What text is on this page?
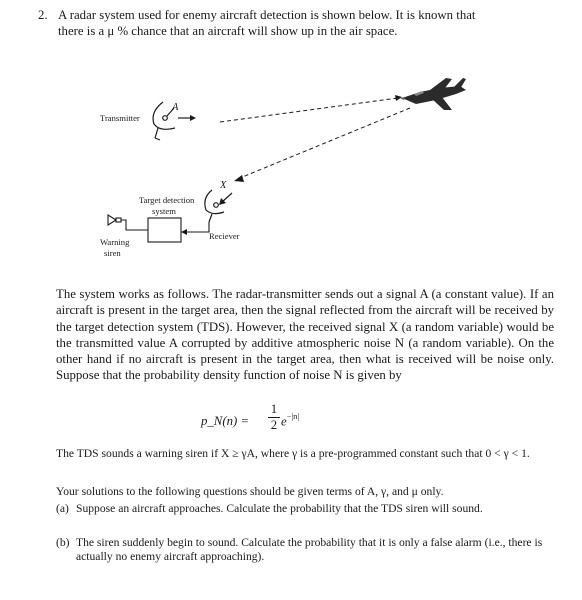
2. A radar system used for enemy aircraft detection is shown below. It is known that
there is a μ % chance that an aircraft will show up in the air space.
Transmitter
A
X
Target detection
system
Reciever
Warning
siren
The system works as follows. The radar-transmitter sends out a signal A (a constant value). If an aircraft is present in the target area, then the signal reflected from the aircraft will be received by the target detection system (TDS). However, the received signal X (a random variable) would be the transmitted value A corrupted by additive atmospheric noise N (a random variable). On the other hand if no aircraft is present in the target area, then what is received will be noise only. Suppose that the probability density function of noise N is given by
p_N(n) =
1
2 $e^{-|n|}$
The TDS sounds a warning siren if X ≥ γA, where γ is a pre-programmed constant such that 0 < γ < 1.
Your solutions to the following questions should be given terms of A, γ, and μ only.
(a) Suppose an aircraft approaches. Calculate the probability that the TDS siren will sound.
(b) The siren suddenly begin to sound. Calculate the probability that it is only a false alarm (i.e., there is actually no enemy aircraft approaching).
